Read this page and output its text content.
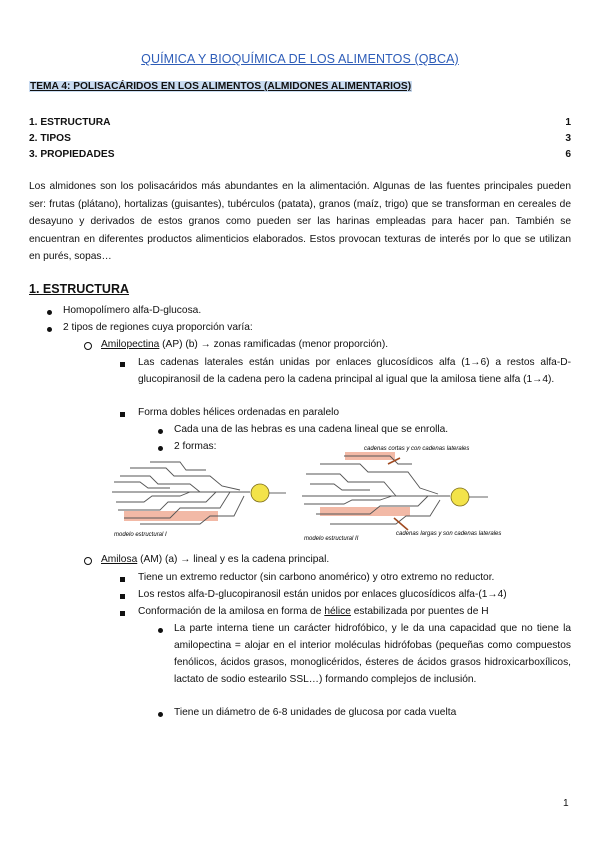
QUÍMICA Y BIOQUÍMICA DE LOS ALIMENTOS (QBCA)
TEMA 4: POLISACÁRIDOS EN LOS ALIMENTOS (ALMIDONES ALIMENTARIOS)
1. ESTRUCTURA	1
2. TIPOS	3
3. PROPIEDADES	6
Los almidones son los polisacáridos más abundantes en la alimentación. Algunas de las fuentes principales pueden ser: frutas (plátano), hortalizas (guisantes), tubérculos (patata), granos (maíz, trigo) que se transforman en cereales de desayuno y derivados de estos granos como pueden ser las harinas empleadas para hacer pan. También se encuentran en diferentes productos alimenticios elaborados. Estos provocan texturas de interés por lo que se utilizan en purés, sopas…
1. ESTRUCTURA
Homopolímero alfa-D-glucosa.
2 tipos de regiones cuya proporción varía:
Amilopectina (AP) (b) → zonas ramificadas (menor proporción).
Las cadenas laterales están unidas por enlaces glucosídicos alfa (1→6) a restos alfa-D-glucopiranosil de la cadena pero la cadena principal al igual que la amilosa tiene alfa (1→4).
Forma dobles hélices ordenadas en paralelo
Cada una de las hebras es una cadena lineal que se enrolla.
2 formas:
modelo estructural I
cadenas cortas y con cadenas laterales
cadenas largas y son cadenas laterales
modelo estructural II
Amilosa (AM) (a) → lineal y es la cadena principal.
Tiene un extremo reductor (sin carbono anomérico) y otro extremo no reductor.
Los restos alfa-D-glucopiranosil están unidos por enlaces glucosídicos alfa-(1→4)
Conformación de la amilosa en forma de hélice estabilizada por puentes de H
La parte interna tiene un carácter hidrofóbico, y le da una capacidad que no tiene la amilopectina = alojar en el interior moléculas hidrófobas (pequeñas como compuestos fenólicos, ácidos grasos, monoglicéridos, ésteres de ácidos grasos hidroxicarboxílicos, lactato de sodio estearilo SSL…) formando complejos de inclusión.
Tiene un diámetro de 6-8 unidades de glucosa por cada vuelta
1
